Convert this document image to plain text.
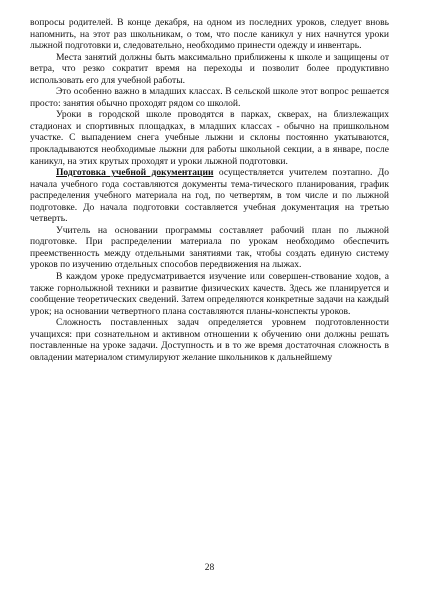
вопросы родителей. В конце декабря, на одном из последних уроков, следует вновь напомнить, на этот раз школьникам, о том, что после каникул у них начнутся уроки лыжной подготовки и, следовательно, необходимо принести одежду и инвентарь.

Места занятий должны быть максимально приближены к школе и защищены от ветра, что резко сократит время на переходы и позволит более продуктивно использовать его для учебной работы.

Это особенно важно в младших классах. В сельской школе этот вопрос решается просто: занятия обычно проходят рядом со школой.

Уроки в городской школе проводятся в парках, скверах, на близлежащих стадионах и спортивных площадках, в младших классах - обычно на пришкольном участке. С выпадением снега учебные лыжни и склоны постоянно укатываются, прокладываются необходимые лыжни для работы школьной секции, а в январе, после каникул, на этих крутых проходят и уроки лыжной подготовки.

Подготовка учебной документации осуществляется учителем поэтапно. До начала учебного года составляются документы тема-тического планирования, график распределения учебного материала на год, по четвертям, в том числе и по лыжной подготовке. До начала подготовки составляется учебная документация на третью четверть.

Учитель на основании программы составляет рабочий план по лыжной подготовке. При распределении материала по урокам необходимо обеспечить преемственность между отдельными занятиями так, чтобы создать единую систему уроков по изучению отдельных способов передвижения на лыжах.

В каждом уроке предусматривается изучение или совершен-ствование ходов, а также горнолыжной техники и развитие физических качеств. Здесь же планируется и сообщение теоретических сведений. Затем определяются конкретные задачи на каждый урок; на основании четвертного плана составляются планы-конспекты уроков.

Сложность поставленных задач определяется уровнем подготовленности учащихся: при сознательном и активном отношении к обучению они должны решать поставленные на уроке задачи. Доступность и в то же время достаточная сложность в овладении материалом стимулируют желание школьников к дальнейшему

28
